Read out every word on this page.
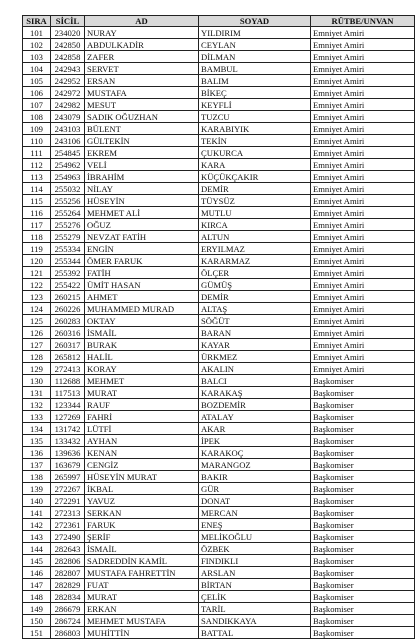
SIRA	SİCİL	AD	SOYAD	RÜTBE/UNVAN
101	234020	NURAY	YILDIRIM	Emniyet Amiri
102	242850	ABDULKADİR	CEYLAN	Emniyet Amiri
103	242858	ZAFER	DİLMAN	Emniyet Amiri
104	242943	SERVET	BAMBUL	Emniyet Amiri
105	242952	ERSAN	BALIM	Emniyet Amiri
106	242972	MUSTAFA	BİKEÇ	Emniyet Amiri
107	242982	MESUT	KEYFLİ	Emniyet Amiri
108	243079	SADIK OĞUZHAN	TUZCU	Emniyet Amiri
109	243103	BÜLENT	KARABIYIK	Emniyet Amiri
110	243106	GÜLTEKİN	TEKİN	Emniyet Amiri
111	254845	EKREM	ÇUKURCA	Emniyet Amiri
112	254962	VELİ	KARA	Emniyet Amiri
113	254963	İBRAHİM	KÜÇÜKÇAKIR	Emniyet Amiri
114	255032	NİLAY	DEMİR	Emniyet Amiri
115	255256	HÜSEYİN	TÜYSÜZ	Emniyet Amiri
116	255264	MEHMET ALİ	MUTLU	Emniyet Amiri
117	255276	OĞUZ	KIRCA	Emniyet Amiri
118	255279	NEVZAT FATİH	ALTUN	Emniyet Amiri
119	255334	ENGİN	ERYILMAZ	Emniyet Amiri
120	255344	ÖMER FARUK	KARARMAZ	Emniyet Amiri
121	255392	FATİH	ÖLÇER	Emniyet Amiri
122	255422	ÜMİT HASAN	GÜMÜŞ	Emniyet Amiri
123	260215	AHMET	DEMİR	Emniyet Amiri
124	260226	MUHAMMED MURAD	ALTAŞ	Emniyet Amiri
125	260283	OKTAY	SÖĞÜT	Emniyet Amiri
126	260316	İSMAİL	BARAN	Emniyet Amiri
127	260317	BURAK	KAYAR	Emniyet Amiri
128	265812	HALİL	ÜRKMEZ	Emniyet Amiri
129	272413	KORAY	AKALIN	Emniyet Amiri
130	112688	MEHMET	BALCI	Başkomiser
131	117513	MURAT	KARAKAŞ	Başkomiser
132	123344	RAUF	BOZDEMİR	Başkomiser
133	127269	FAHRİ	ATALAY	Başkomiser
134	131742	LÜTFİ	AKAR	Başkomiser
135	133432	AYHAN	İPEK	Başkomiser
136	139636	KENAN	KARAKOÇ	Başkomiser
137	163679	CENGİZ	MARANGOZ	Başkomiser
138	265997	HÜSEYİN MURAT	BAKIR	Başkomiser
139	272267	İKBAL	GÜR	Başkomiser
140	272291	YAVUZ	DONAT	Başkomiser
141	272313	SERKAN	MERCAN	Başkomiser
142	272361	FARUK	ENEŞ	Başkomiser
143	272490	ŞERİF	MELİKOĞLU	Başkomiser
144	282643	İSMAİL	ÖZBEK	Başkomiser
145	282806	SADREDDİN KAMİL	FINDIKLI	Başkomiser
146	282807	MUSTAFA FAHRETTİN	ARSLAN	Başkomiser
147	282829	FUAT	BİRTAN	Başkomiser
148	282834	MURAT	ÇELİK	Başkomiser
149	286679	ERKAN	TARİL	Başkomiser
150	286724	MEHMET MUSTAFA	SANDIKKAYA	Başkomiser
151	286803	MUHİTTİN	BATTAL	Başkomiser
